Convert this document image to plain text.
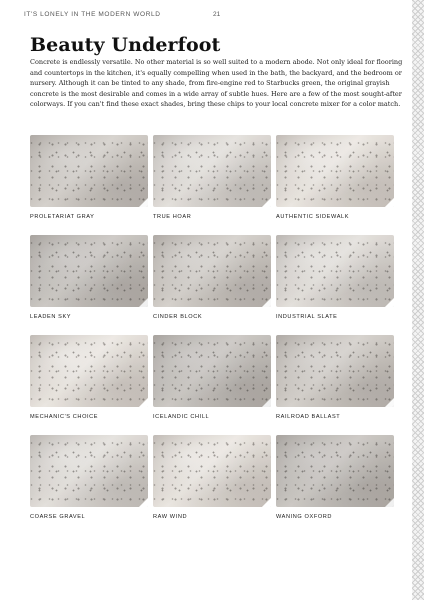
IT'S LONELY IN THE MODERN WORLD	21
Beauty Underfoot

Concrete is endlessly versatile. No other material is so well suited to a modern abode. Not only ideal for flooring and countertops in the kitchen, it's equally compelling when used in the bath, the backyard, and the bedroom or nursery. Although it can be tinted to any shade, from fire-engine red to Starbucks green, the original grayish concrete is the most desirable and comes in a wide array of subtle hues. Here are a few of the most sought-after colorways. If you can't find these exact shades, bring these chips to your local concrete mixer for a color match.

PROLETARIAT GRAY	TRUE HOAR	AUTHENTIC SIDEWALK
LEADEN SKY	CINDER BLOCK	INDUSTRIAL SLATE
MECHANIC'S CHOICE	ICELANDIC CHILL	RAILROAD BALLAST
COARSE GRAVEL	RAW WIND	WANING OXFORD
